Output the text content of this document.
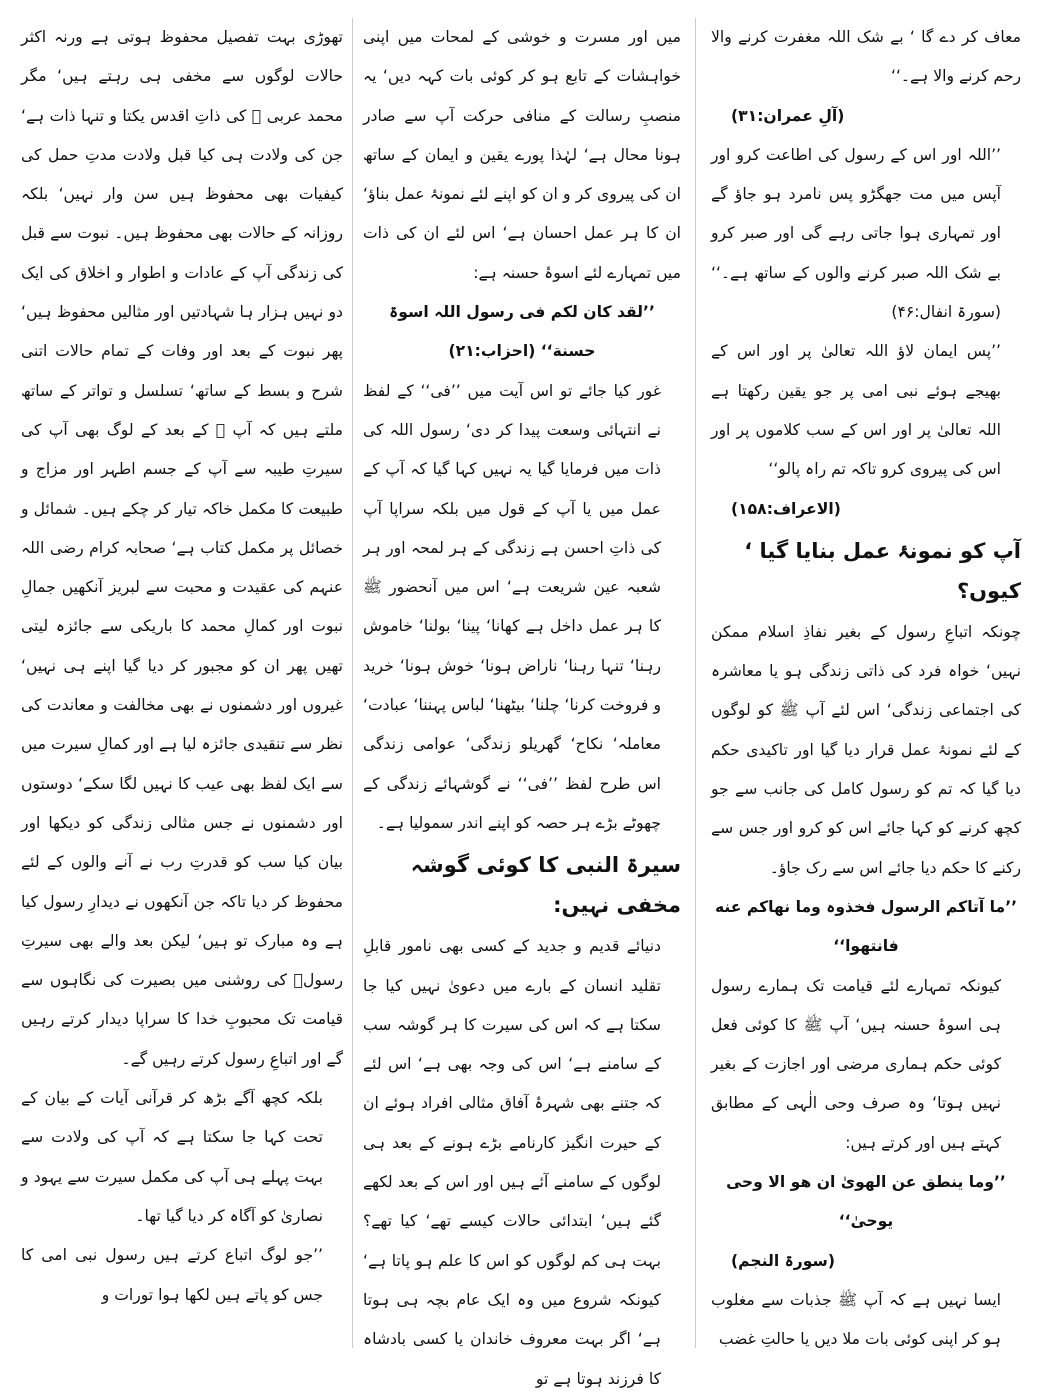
معاف کر دے گا ‘ بے شک اللہ مغفرت کرنے والا رحم کرنے والا ہے۔‘‘

(آلِ عمران:۳۱)

’’اللہ اور اس کے رسول کی اطاعت کرو اور آپس میں مت جھگڑو پس نامرد ہو جاؤ گے اور تمہاری ہوا جاتی رہے گی اور صبر کرو بے شک اللہ صبر کرنے والوں کے ساتھ ہے۔‘‘ (سورۃ انفال:۴۶)

’’پس ایمان لاؤ اللہ تعالیٰ پر اور اس کے بھیجے ہوئے نبی امی پر جو یقین رکھتا ہے اللہ تعالیٰ پر اور اس کے سب کلاموں پر اور اس کی پیروی کرو تاکہ تم راہ پالو‘‘

(الاعراف:۱۵۸)

آپ کو نمونۂ عمل بنایا گیا ‘ کیوں؟

چونکہ اتباعِ رسول کے بغیر نفاذِ اسلام ممکن نہیں‘ خواہ فرد کی ذاتی زندگی ہو یا معاشرہ کی اجتماعی زندگی‘ اس لئے آپ ﷺ کو لوگوں کے لئے نمونۂ عمل قرار دیا گیا اور تاکیدی حکم دیا گیا کہ تم کو رسول کامل کی جانب سے جو کچھ کرنے کو کہا جائے اس کو کرو اور جس سے رکنے کا حکم دیا جائے اس سے رک جاؤ۔

’’ما آتاکم الرسول فخذوہ وما نھاکم عنه فانتھوا‘‘

کیونکہ تمہارے لئے قیامت تک ہمارے رسول ہی اسوۂ حسنہ ہیں‘ آپ ﷺ کا کوئی فعل کوئی حکم ہماری مرضی اور اجازت کے بغیر نہیں ہوتا‘ وہ صرف وحی الٰہی کے مطابق کہتے ہیں اور کرتے ہیں:

’’وما ینطق عن الھویٰ ان ھو الا وحی یوحیٰ‘‘

(سورۃ النجم)

ایسا نہیں ہے کہ آپ ﷺ جذبات سے مغلوب ہو کر اپنی کوئی بات ملا دیں یا حالتِ غضب

میں اور مسرت و خوشی کے لمحات میں اپنی خواہشات کے تابع ہو کر کوئی بات کہہ دیں‘ یہ منصبِ رسالت کے منافی حرکت آپ سے صادر ہونا محال ہے‘ لہٰذا پورے یقین و ایمان کے ساتھ ان کی پیروی کر و ان کو اپنے لئے نمونۂ عمل بناؤ‘ ان کا ہر عمل احسان ہے‘ اس لئے ان کی ذات میں تمہارے لئے اسوۂ حسنہ ہے:

’’لقد کان لکم فی رسول اللہ اسوۃ حسنة‘‘ (احزاب:۲۱)

غور کیا جائے تو اس آیت میں ’’فی‘‘ کے لفظ نے انتہائی وسعت پیدا کر دی‘ رسول اللہ کی ذات میں فرمایا گیا یہ نہیں کہا گیا کہ آپ کے عمل میں یا آپ کے قول میں بلکہ سراپا آپ کی ذاتِ احسن ہے زندگی کے ہر لمحہ اور ہر شعبہ عین شریعت ہے‘ اس میں آنحضور ﷺ کا ہر عمل داخل ہے کھانا‘ پینا‘ بولنا‘ خاموش رہنا‘ تنہا رہنا‘ ناراض ہونا‘ خوش ہونا‘ خرید و فروخت کرنا‘ چلنا‘ بیٹھنا‘ لباس پہننا‘ عبادت‘ معاملہ‘ نکاح‘ گھریلو زندگی‘ عوامی زندگی اس طرح لفظ ’’فی‘‘ نے گوشہائے زندگی کے چھوٹے بڑے ہر حصہ کو اپنے اندر سمولیا ہے۔

سیرۃ النبی کا کوئی گوشہ مخفی نہیں:

دنیائے قدیم و جدید کے کسی بھی نامور قابلِ تقلید انسان کے بارے میں دعویٰ نہیں کیا جا سکتا ہے کہ اس کی سیرت کا ہر گوشہ سب کے سامنے ہے‘ اس کی وجہ بھی ہے‘ اس لئے کہ جتنے بھی شہرۂ آفاق مثالی افراد ہوئے ان کے حیرت انگیز کارنامے بڑے ہونے کے بعد ہی لوگوں کے سامنے آئے ہیں اور اس کے بعد لکھے گئے ہیں‘ ابتدائی حالات کیسے تھے‘ کیا تھے؟ بہت ہی کم لوگوں کو اس کا علم ہو پاتا ہے‘ کیونکہ شروع میں وہ ایک عام بچہ ہی ہوتا ہے‘ اگر بہت معروف خاندان یا کسی بادشاہ کا فرزند ہوتا ہے تو

تھوڑی بہت تفصیل محفوظ ہوتی ہے ورنہ اکثر حالات لوگوں سے مخفی ہی رہتے ہیں‘ مگر محمد عربی ﷺ کی ذاتِ اقدس یکتا و تنہا ذات ہے‘ جن کی ولادت ہی کیا قبل ولادت مدتِ حمل کی کیفیات بھی محفوظ ہیں سن وار نہیں‘ بلکہ روزانہ کے حالات بھی محفوظ ہیں۔ نبوت سے قبل کی زندگی آپ کے عادات و اطوار و اخلاق کی ایک دو نہیں ہزار ہا شہادتیں اور مثالیں محفوظ ہیں‘ پھر نبوت کے بعد اور وفات کے تمام حالات اتنی شرح و بسط کے ساتھ‘ تسلسل و تواتر کے ساتھ ملتے ہیں کہ آپ ﷺ کے بعد کے لوگ بھی آپ کی سیرتِ طیبہ سے آپ کے جسم اطہر اور مزاج و طبیعت کا مکمل خاکہ تیار کر چکے ہیں۔ شمائل و خصائل پر مکمل کتاب ہے‘ صحابہ کرام رضی اللہ عنہم کی عقیدت و محبت سے لبریز آنکھیں جمالِ نبوت اور کمالِ محمد کا باریکی سے جائزہ لیتی تھیں پھر ان کو مجبور کر دیا گیا اپنے ہی نہیں‘ غیروں اور دشمنوں نے بھی مخالفت و معاندت کی نظر سے تنقیدی جائزہ لیا ہے اور کمالِ سیرت میں سے ایک لفظ بھی عیب کا نہیں لگا سکے‘ دوستوں اور دشمنوں نے جس مثالی زندگی کو دیکھا اور بیان کیا سب کو قدرتِ رب نے آنے والوں کے لئے محفوظ کر دیا تاکہ جن آنکھوں نے دیدارِ رسول کیا ہے وہ مبارک تو ہیں‘ لیکن بعد والے بھی سیرتِ رسولؐ کی روشنی میں بصیرت کی نگاہوں سے قیامت تک محبوبِ خدا کا سراپا دیدار کرتے رہیں گے اور اتباعِ رسول کرتے رہیں گے۔

بلکہ کچھ آگے بڑھ کر قرآنی آیات کے بیان کے تحت کہا جا سکتا ہے کہ آپ کی ولادت سے بہت پہلے ہی آپ کی مکمل سیرت سے یہود و نصاریٰ کو آگاہ کر دیا گیا تھا۔

’’جو لوگ اتباع کرتے ہیں رسول نبی امی کا جس کو پاتے ہیں لکھا ہوا تورات و
